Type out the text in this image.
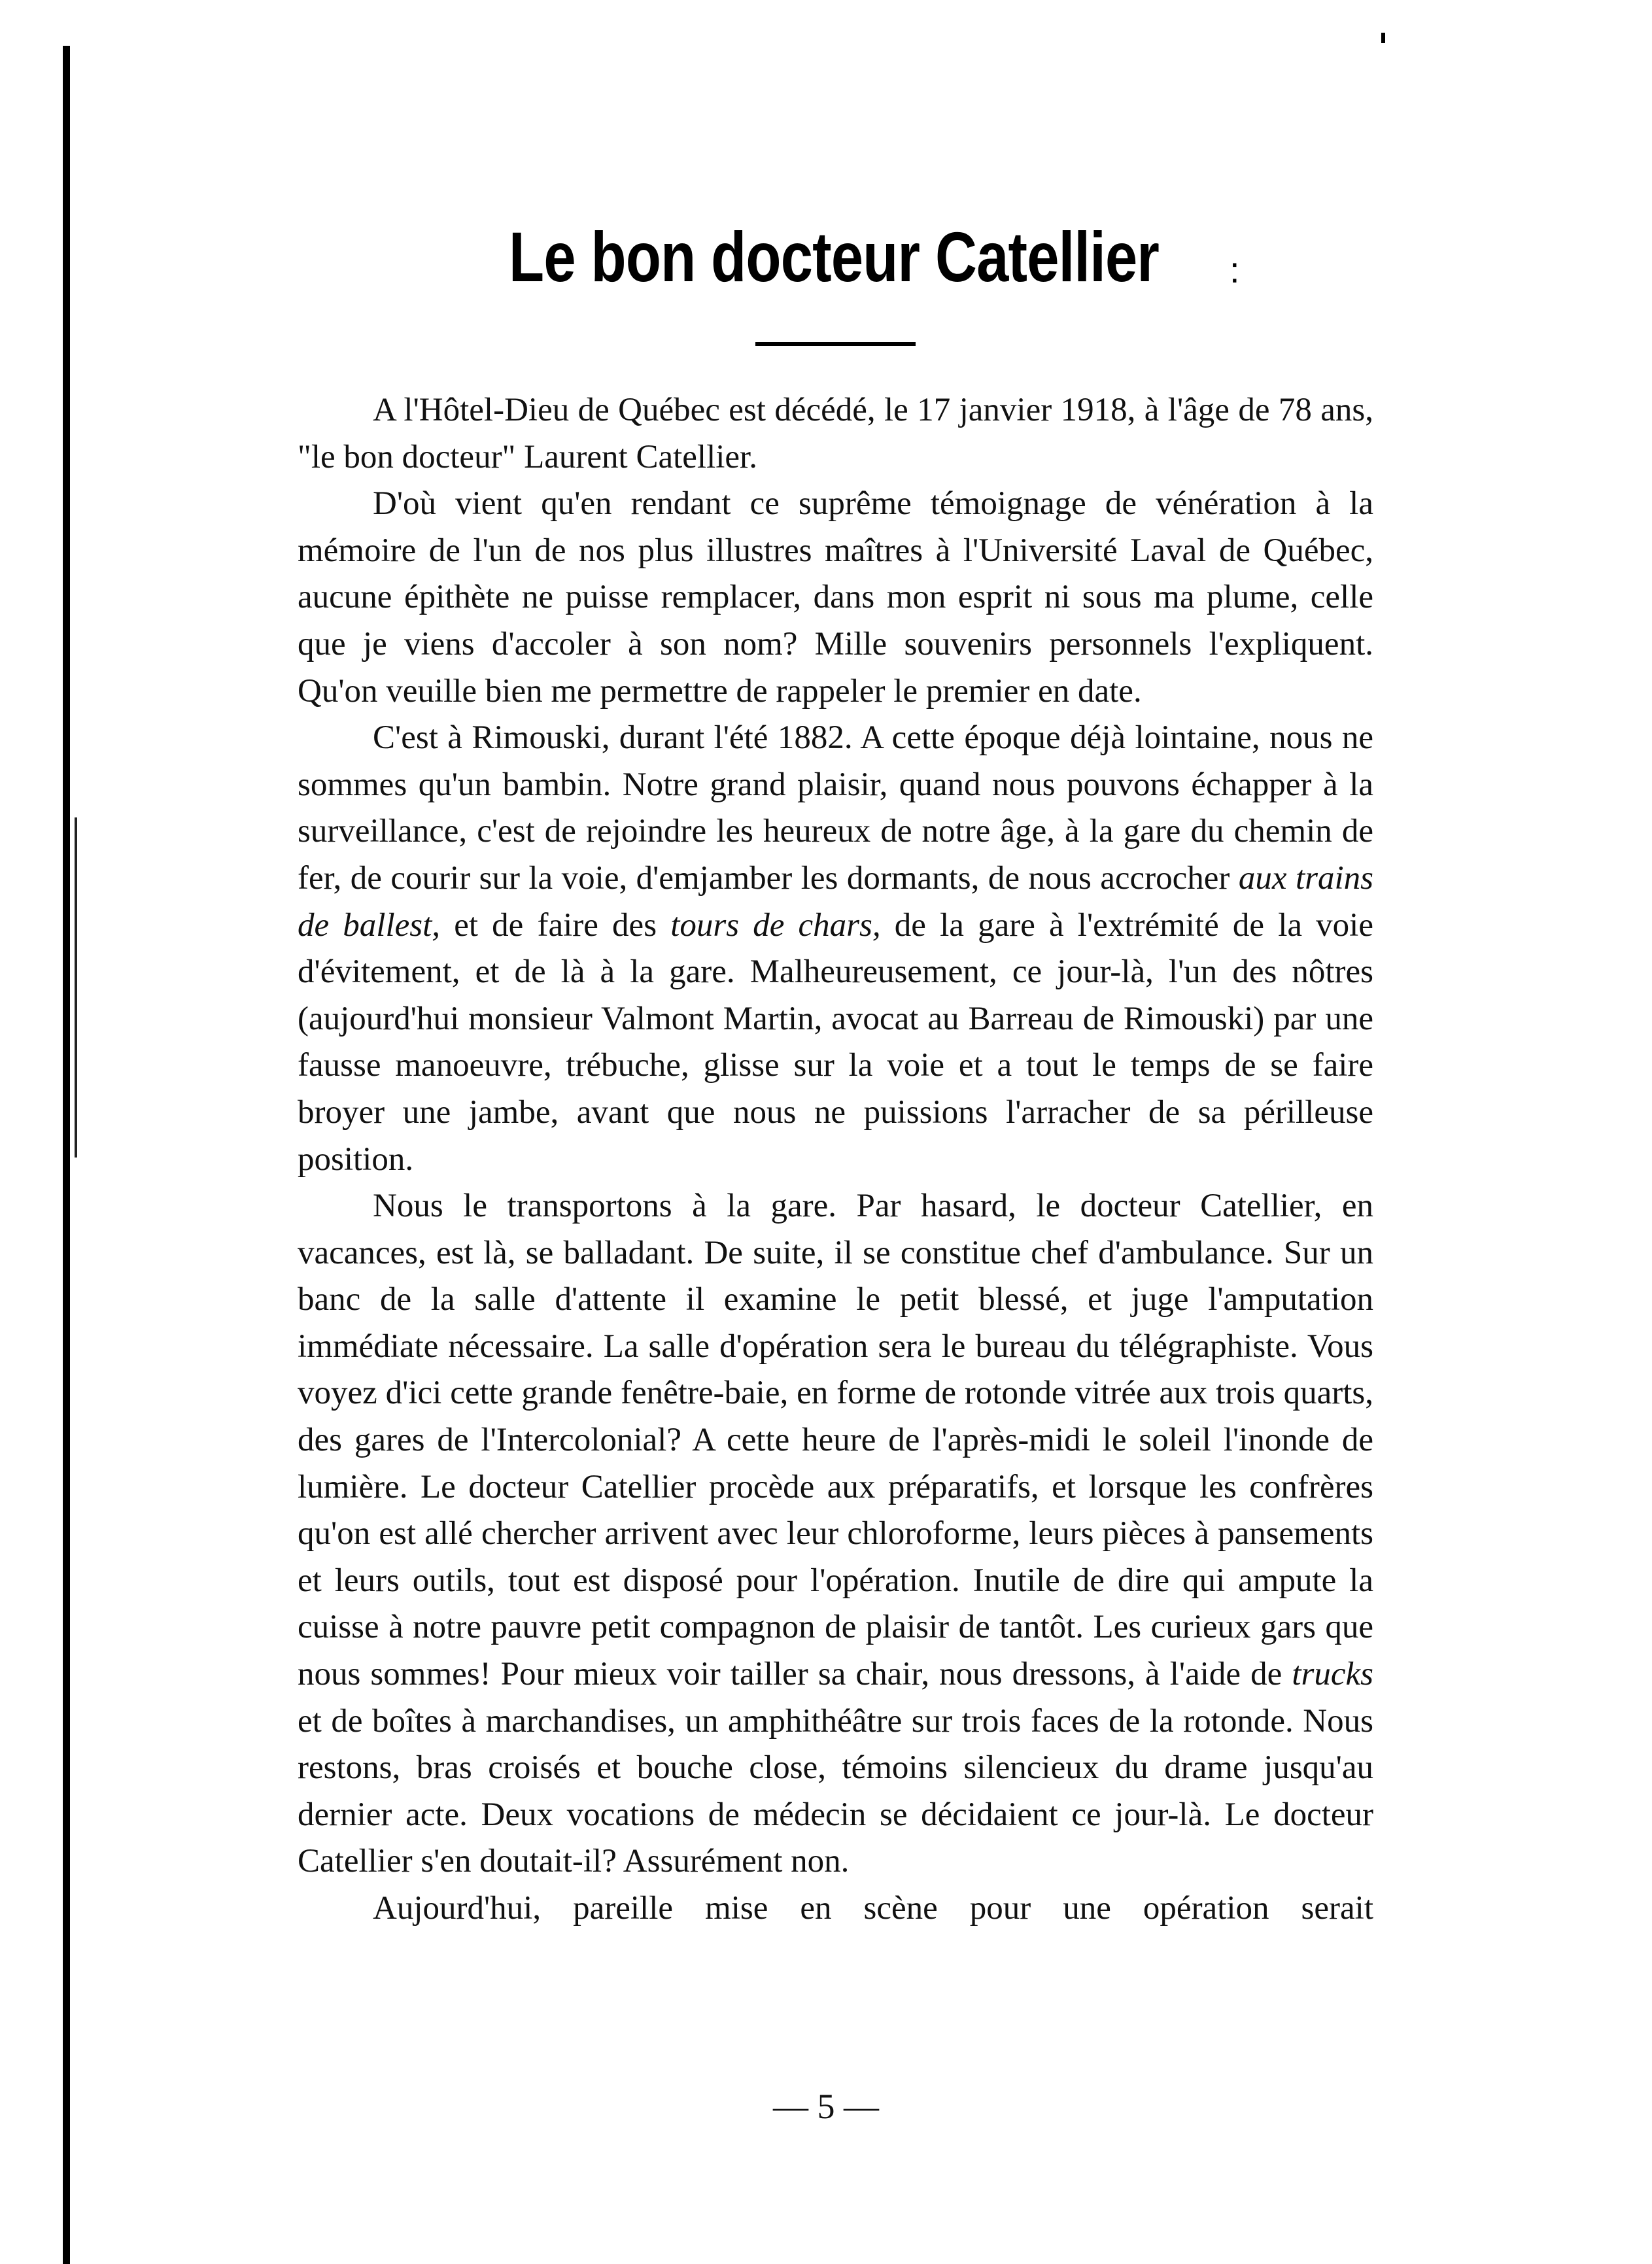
Le bon docteur Catellier	:

A l'Hôtel-Dieu de Québec est décédé, le 17 janvier 1918, à l'âge de 78 ans, "le bon docteur" Laurent Catellier.

D'où vient qu'en rendant ce suprême témoignage de vénération à la mémoire de l'un de nos plus illustres maîtres à l'Université Laval de Québec, aucune épithète ne puisse remplacer, dans mon esprit ni sous ma plume, celle que je viens d'accoler à son nom? Mille souvenirs personnels l'expliquent. Qu'on veuille bien me permettre de rappeler le premier en date.

C'est à Rimouski, durant l'été 1882. A cette époque déjà lointaine, nous ne sommes qu'un bambin. Notre grand plaisir, quand nous pouvons échapper à la surveillance, c'est de rejoindre les heureux de notre âge, à la gare du chemin de fer, de courir sur la voie, d'emjamber les dormants, de nous accrocher aux trains de ballest, et de faire des tours de chars, de la gare à l'extrémité de la voie d'évitement, et de là à la gare. Malheureusement, ce jour-là, l'un des nôtres (aujourd'hui monsieur Valmont Martin, avocat au Barreau de Rimouski) par une fausse manoeuvre, trébuche, glisse sur la voie et a tout le temps de se faire broyer une jambe, avant que nous ne puissions l'arracher de sa périlleuse position.

Nous le transportons à la gare. Par hasard, le docteur Catellier, en vacances, est là, se balladant. De suite, il se constitue chef d'ambulance. Sur un banc de la salle d'attente il examine le petit blessé, et juge l'amputation immédiate nécessaire. La salle d'opération sera le bureau du télégraphiste. Vous voyez d'ici cette grande fenêtre-baie, en forme de rotonde vitrée aux trois quarts, des gares de l'Intercolonial? A cette heure de l'après-midi le soleil l'inonde de lumière. Le docteur Catellier procède aux préparatifs, et lorsque les confrères qu'on est allé chercher arrivent avec leur chloroforme, leurs pièces à pansements et leurs outils, tout est disposé pour l'opération. Inutile de dire qui ampute la cuisse à notre pauvre petit compagnon de plaisir de tantôt. Les curieux gars que nous sommes! Pour mieux voir tailler sa chair, nous dressons, à l'aide de trucks et de boîtes à marchandises, un amphithéâtre sur trois faces de la rotonde. Nous restons, bras croisés et bouche close, témoins silencieux du drame jusqu'au dernier acte. Deux vocations de médecin se décidaient ce jour-là. Le docteur Catellier s'en doutait-il? Assurément non.

Aujourd'hui, pareille mise en scène pour une opération serait

— 5 —
